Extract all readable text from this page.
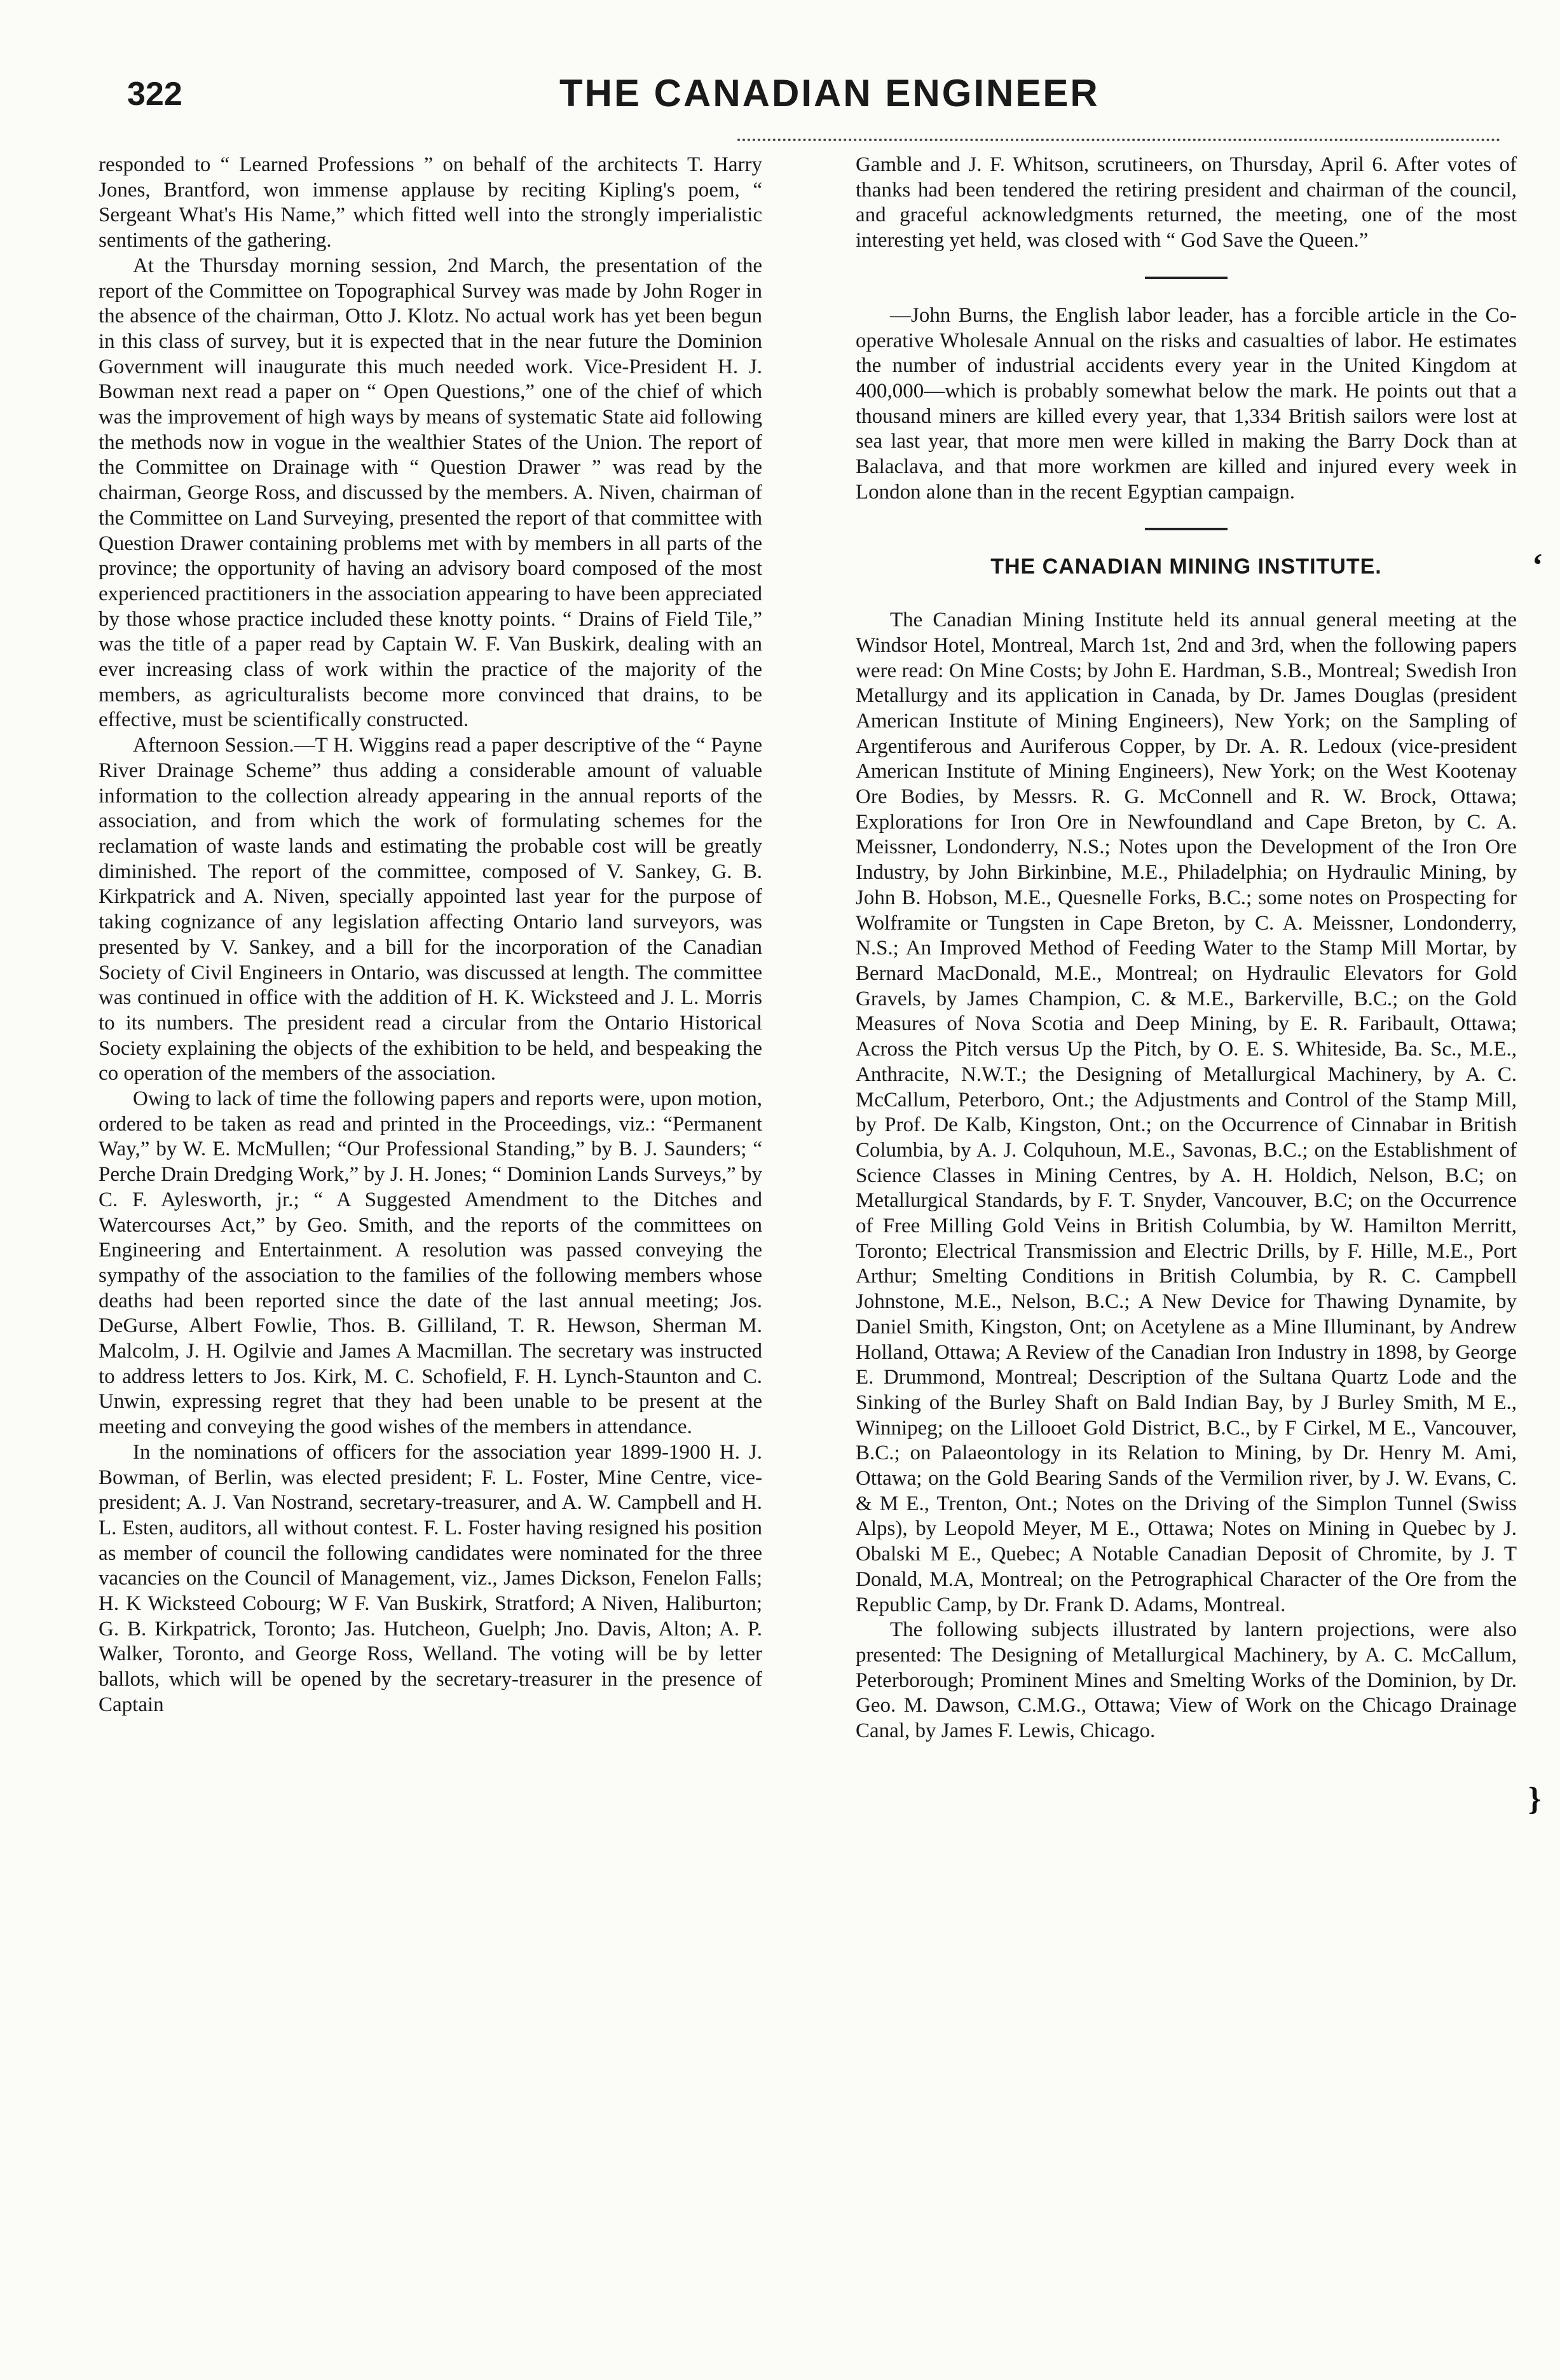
322	THE CANADIAN ENGINEER

responded to “ Learned Professions ” on behalf of the architects T. Harry Jones, Brantford, won immense applause by reciting Kipling's poem, “ Sergeant What's His Name,” which fitted well into the strongly imperialistic sentiments of the gathering.

At the Thursday morning session, 2nd March, the presentation of the report of the Committee on Topographical Survey was made by John Roger in the absence of the chairman, Otto J. Klotz. No actual work has yet been begun in this class of survey, but it is expected that in the near future the Dominion Government will inaugurate this much needed work. Vice-President H. J. Bowman next read a paper on “ Open Questions,” one of the chief of which was the improvement of high ways by means of systematic State aid following the methods now in vogue in the wealthier States of the Union. The report of the Committee on Drainage with “ Question Drawer ” was read by the chairman, George Ross, and discussed by the members. A. Niven, chairman of the Committee on Land Surveying, presented the report of that committee with Question Drawer containing problems met with by members in all parts of the province; the opportunity of having an advisory board composed of the most experienced practitioners in the association appearing to have been appreciated by those whose practice included these knotty points. “ Drains of Field Tile,” was the title of a paper read by Captain W. F. Van Buskirk, dealing with an ever increasing class of work within the practice of the majority of the members, as agriculturalists become more convinced that drains, to be effective, must be scientifically constructed.

Afternoon Session.—T H. Wiggins read a paper descriptive of the “ Payne River Drainage Scheme” thus adding a considerable amount of valuable information to the collection already appearing in the annual reports of the association, and from which the work of formulating schemes for the reclamation of waste lands and estimating the probable cost will be greatly diminished. The report of the committee, composed of V. Sankey, G. B. Kirkpatrick and A. Niven, specially appointed last year for the purpose of taking cognizance of any legislation affecting Ontario land surveyors, was presented by V. Sankey, and a bill for the incorporation of the Canadian Society of Civil Engineers in Ontario, was discussed at length. The committee was continued in office with the addition of H. K. Wicksteed and J. L. Morris to its numbers. The president read a circular from the Ontario Historical Society explaining the objects of the exhibition to be held, and bespeaking the co operation of the members of the association.

Owing to lack of time the following papers and reports were, upon motion, ordered to be taken as read and printed in the Proceedings, viz.: “Permanent Way,” by W. E. McMullen; “Our Professional Standing,” by B. J. Saunders; “ Perche Drain Dredging Work,” by J. H. Jones; “ Dominion Lands Surveys,” by C. F. Aylesworth, jr.; “ A Suggested Amendment to the Ditches and Watercourses Act,” by Geo. Smith, and the reports of the committees on Engineering and Entertainment. A resolution was passed conveying the sympathy of the association to the families of the following members whose deaths had been reported since the date of the last annual meeting; Jos. DeGurse, Albert Fowlie, Thos. B. Gilliland, T. R. Hewson, Sherman M. Malcolm, J. H. Ogilvie and James A Macmillan. The secretary was instructed to address letters to Jos. Kirk, M. C. Schofield, F. H. Lynch-Staunton and C. Unwin, expressing regret that they had been unable to be present at the meeting and conveying the good wishes of the members in attendance.

In the nominations of officers for the association year 1899-1900 H. J. Bowman, of Berlin, was elected president; F. L. Foster, Mine Centre, vice-president; A. J. Van Nostrand, secretary-treasurer, and A. W. Campbell and H. L. Esten, auditors, all without contest. F. L. Foster having resigned his position as member of council the following candidates were nominated for the three vacancies on the Council of Management, viz., James Dickson, Fenelon Falls; H. K Wicksteed Cobourg; W F. Van Buskirk, Stratford; A Niven, Haliburton; G. B. Kirkpatrick, Toronto; Jas. Hutcheon, Guelph; Jno. Davis, Alton; A. P. Walker, Toronto, and George Ross, Welland. The voting will be by letter ballots, which will be opened by the secretary-treasurer in the presence of Captain

Gamble and J. F. Whitson, scrutineers, on Thursday, April 6. After votes of thanks had been tendered the retiring president and chairman of the council, and graceful acknowledgments returned, the meeting, one of the most interesting yet held, was closed with “ God Save the Queen.”

—John Burns, the English labor leader, has a forcible article in the Co-operative Wholesale Annual on the risks and casualties of labor. He estimates the number of industrial accidents every year in the United Kingdom at 400,000—which is probably somewhat below the mark. He points out that a thousand miners are killed every year, that 1,334 British sailors were lost at sea last year, that more men were killed in making the Barry Dock than at Balaclava, and that more workmen are killed and injured every week in London alone than in the recent Egyptian campaign.

THE CANADIAN MINING INSTITUTE.

The Canadian Mining Institute held its annual general meeting at the Windsor Hotel, Montreal, March 1st, 2nd and 3rd, when the following papers were read: On Mine Costs; by John E. Hardman, S.B., Montreal; Swedish Iron Metallurgy and its application in Canada, by Dr. James Douglas (president American Institute of Mining Engineers), New York; on the Sampling of Argentiferous and Auriferous Copper, by Dr. A. R. Ledoux (vice-president American Institute of Mining Engineers), New York; on the West Kootenay Ore Bodies, by Messrs. R. G. McConnell and R. W. Brock, Ottawa; Explorations for Iron Ore in Newfoundland and Cape Breton, by C. A. Meissner, Londonderry, N.S.; Notes upon the Development of the Iron Ore Industry, by John Birkinbine, M.E., Philadelphia; on Hydraulic Mining, by John B. Hobson, M.E., Quesnelle Forks, B.C.; some notes on Prospecting for Wolframite or Tungsten in Cape Breton, by C. A. Meissner, Londonderry, N.S.; An Improved Method of Feeding Water to the Stamp Mill Mortar, by Bernard MacDonald, M.E., Montreal; on Hydraulic Elevators for Gold Gravels, by James Champion, C. & M.E., Barkerville, B.C.; on the Gold Measures of Nova Scotia and Deep Mining, by E. R. Faribault, Ottawa; Across the Pitch versus Up the Pitch, by O. E. S. Whiteside, Ba. Sc., M.E., Anthracite, N.W.T.; the Designing of Metallurgical Machinery, by A. C. McCallum, Peterboro, Ont.; the Adjustments and Control of the Stamp Mill, by Prof. De Kalb, Kingston, Ont.; on the Occurrence of Cinnabar in British Columbia, by A. J. Colquhoun, M.E., Savonas, B.C.; on the Establishment of Science Classes in Mining Centres, by A. H. Holdich, Nelson, B.C; on Metallurgical Standards, by F. T. Snyder, Vancouver, B.C; on the Occurrence of Free Milling Gold Veins in British Columbia, by W. Hamilton Merritt, Toronto; Electrical Transmission and Electric Drills, by F. Hille, M.E., Port Arthur; Smelting Conditions in British Columbia, by R. C. Campbell Johnstone, M.E., Nelson, B.C.; A New Device for Thawing Dynamite, by Daniel Smith, Kingston, Ont; on Acetylene as a Mine Illuminant, by Andrew Holland, Ottawa; A Review of the Canadian Iron Industry in 1898, by George E. Drummond, Montreal; Description of the Sultana Quartz Lode and the Sinking of the Burley Shaft on Bald Indian Bay, by J Burley Smith, M E., Winnipeg; on the Lillooet Gold District, B.C., by F Cirkel, M E., Vancouver, B.C.; on Palaeontology in its Relation to Mining, by Dr. Henry M. Ami, Ottawa; on the Gold Bearing Sands of the Vermilion river, by J. W. Evans, C. & M E., Trenton, Ont.; Notes on the Driving of the Simplon Tunnel (Swiss Alps), by Leopold Meyer, M E., Ottawa; Notes on Mining in Quebec by J. Obalski M E., Quebec; A Notable Canadian Deposit of Chromite, by J. T Donald, M.A, Montreal; on the Petrographical Character of the Ore from the Republic Camp, by Dr. Frank D. Adams, Montreal.

The following subjects illustrated by lantern projections, were also presented: The Designing of Metallurgical Machinery, by A. C. McCallum, Peterborough; Prominent Mines and Smelting Works of the Dominion, by Dr. Geo. M. Dawson, C.M.G., Ottawa; View of Work on the Chicago Drainage Canal, by James F. Lewis, Chicago.

‘
}
